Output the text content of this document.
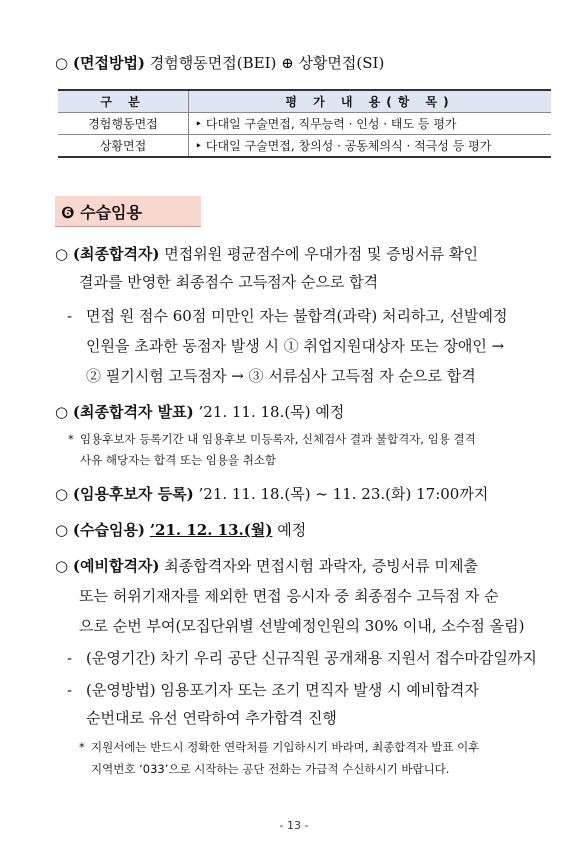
○ (면접방법) 경험행동면접(BEI) ⊕ 상황면접(SI)
구 분	평 가 내 용(항 목)
경험행동면접	‣ 다대일 구술면접, 직무능력 · 인성 · 태도 등 평가
상황면접	‣ 다대일 구술면접, 창의성 · 공동체의식 · 적극성 등 평가
❻ 수습임용
○ (최종합격자) 면접위원 평균점수에 우대가점 및 증빙서류 확인
결과를 반영한 최종점수 고득점자 순으로 합격
- 면접 원 점수 60점 미만인 자는 불합격(과락) 처리하고, 선발예정
인원을 초과한 동점자 발생 시 ① 취업지원대상자 또는 장애인 →
② 필기시험 고득점자 → ③ 서류심사 고득점 자 순으로 합격
○ (최종합격자 발표) ’21. 11. 18.(목) 예정
* 임용후보자 등록기간 내 임용후보 미등록자, 신체검사 결과 불합격자, 임용 결격
사유 해당자는 합격 또는 임용을 취소함
○ (임용후보자 등록) ’21. 11. 18.(목) ~ 11. 23.(화) 17:00까지
○ (수습임용) ’21. 12. 13.(월) 예정
○ (예비합격자) 최종합격자와 면접시험 과락자, 증빙서류 미제출
또는 허위기재자를 제외한 면접 응시자 중 최종점수 고득점 자 순
으로 순번 부여(모집단위별 선발예정인원의 30% 이내, 소수점 올림)
- (운영기간) 차기 우리 공단 신규직원 공개채용 지원서 접수마감일까지
- (운영방법) 임용포기자 또는 조기 면직자 발생 시 예비합격자
순번대로 유선 연락하여 추가합격 진행
* 지원서에는 반드시 정확한 연락처를 기입하시기 바라며, 최종합격자 발표 이후
지역번호 ‘033’으로 시작하는 공단 전화는 가급적 수신하시기 바랍니다.
- 13 -
